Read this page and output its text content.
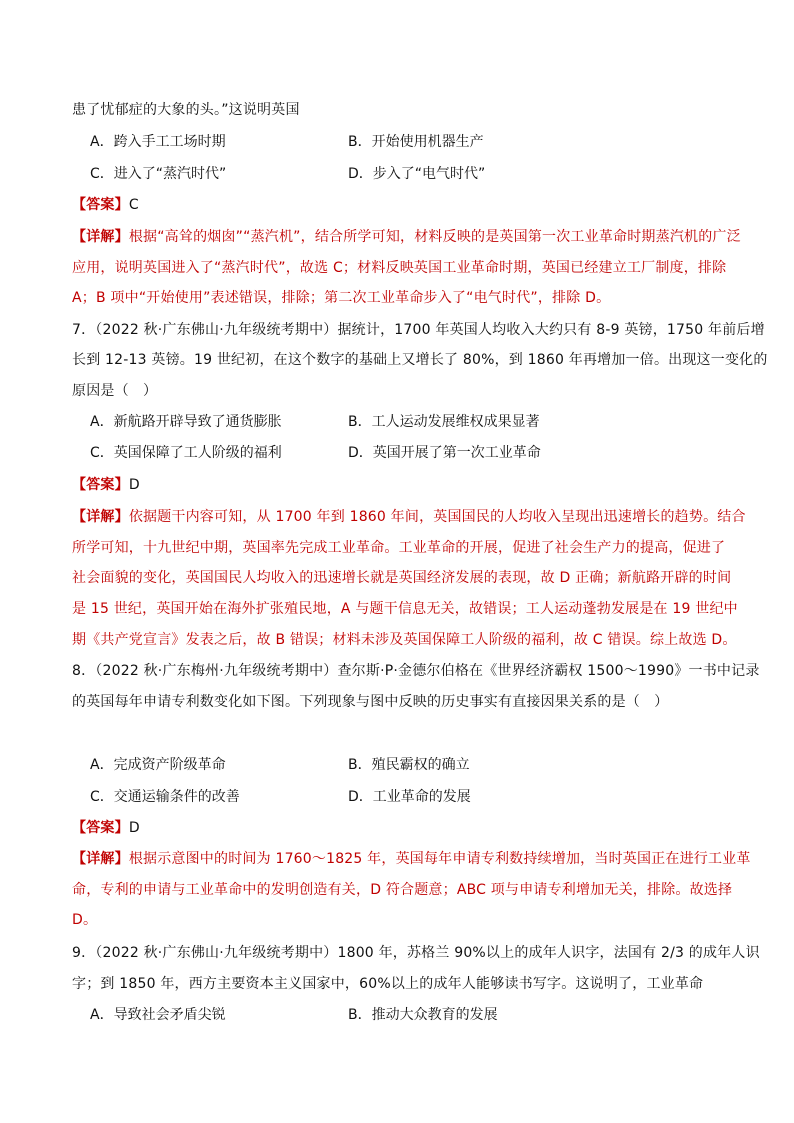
患了忧郁症的大象的头。”这说明英国
A．跨入手工工场时期	B．开始使用机器生产
C．进入了“蒸汽时代”	D．步入了“电气时代”
【答案】C
【详解】根据“高耸的烟囱”“蒸汽机”，结合所学可知，材料反映的是英国第一次工业革命时期蒸汽机的广泛
应用，说明英国进入了“蒸汽时代”，故选 C；材料反映英国工业革命时期，英国已经建立工厂制度，排除
A；B 项中“开始使用”表述错误，排除；第二次工业革命步入了“电气时代”，排除 D。
7．（2022 秋·广东佛山·九年级统考期中）据统计，1700 年英国人均收入大约只有 8-9 英镑，1750 年前后增
长到 12-13 英镑。19 世纪初，在这个数字的基础上又增长了 80%，到 1860 年再增加一倍。出现这一变化的
原因是（　）
A．新航路开辟导致了通货膨胀	B．工人运动发展维权成果显著
C．英国保障了工人阶级的福利	D．英国开展了第一次工业革命
【答案】D
【详解】依据题干内容可知，从 1700 年到 1860 年间，英国国民的人均收入呈现出迅速增长的趋势。结合
所学可知，十九世纪中期，英国率先完成工业革命。工业革命的开展，促进了社会生产力的提高，促进了
社会面貌的变化，英国国民人均收入的迅速增长就是英国经济发展的表现，故 D 正确；新航路开辟的时间
是 15 世纪，英国开始在海外扩张殖民地，A 与题干信息无关，故错误；工人运动蓬勃发展是在 19 世纪中
期《共产党宣言》发表之后，故 B 错误；材料未涉及英国保障工人阶级的福利，故 C 错误。综上故选 D。
8．（2022 秋·广东梅州·九年级统考期中）查尔斯·P·金德尔伯格在《世界经济霸权 1500～1990》一书中记录
的英国每年申请专利数变化如下图。下列现象与图中反映的历史事实有直接因果关系的是（　）
A．完成资产阶级革命	B．殖民霸权的确立
C．交通运输条件的改善	D．工业革命的发展
【答案】D
【详解】根据示意图中的时间为 1760～1825 年，英国每年申请专利数持续增加，当时英国正在进行工业革
命，专利的申请与工业革命中的发明创造有关，D 符合题意；ABC 项与申请专利增加无关，排除。故选择
D。
9．（2022 秋·广东佛山·九年级统考期中）1800 年，苏格兰 90%以上的成年人识字，法国有 2/3 的成年人识
字；到 1850 年，西方主要资本主义国家中，60%以上的成年人能够读书写字。这说明了，工业革命
A．导致社会矛盾尖锐	B．推动大众教育的发展
